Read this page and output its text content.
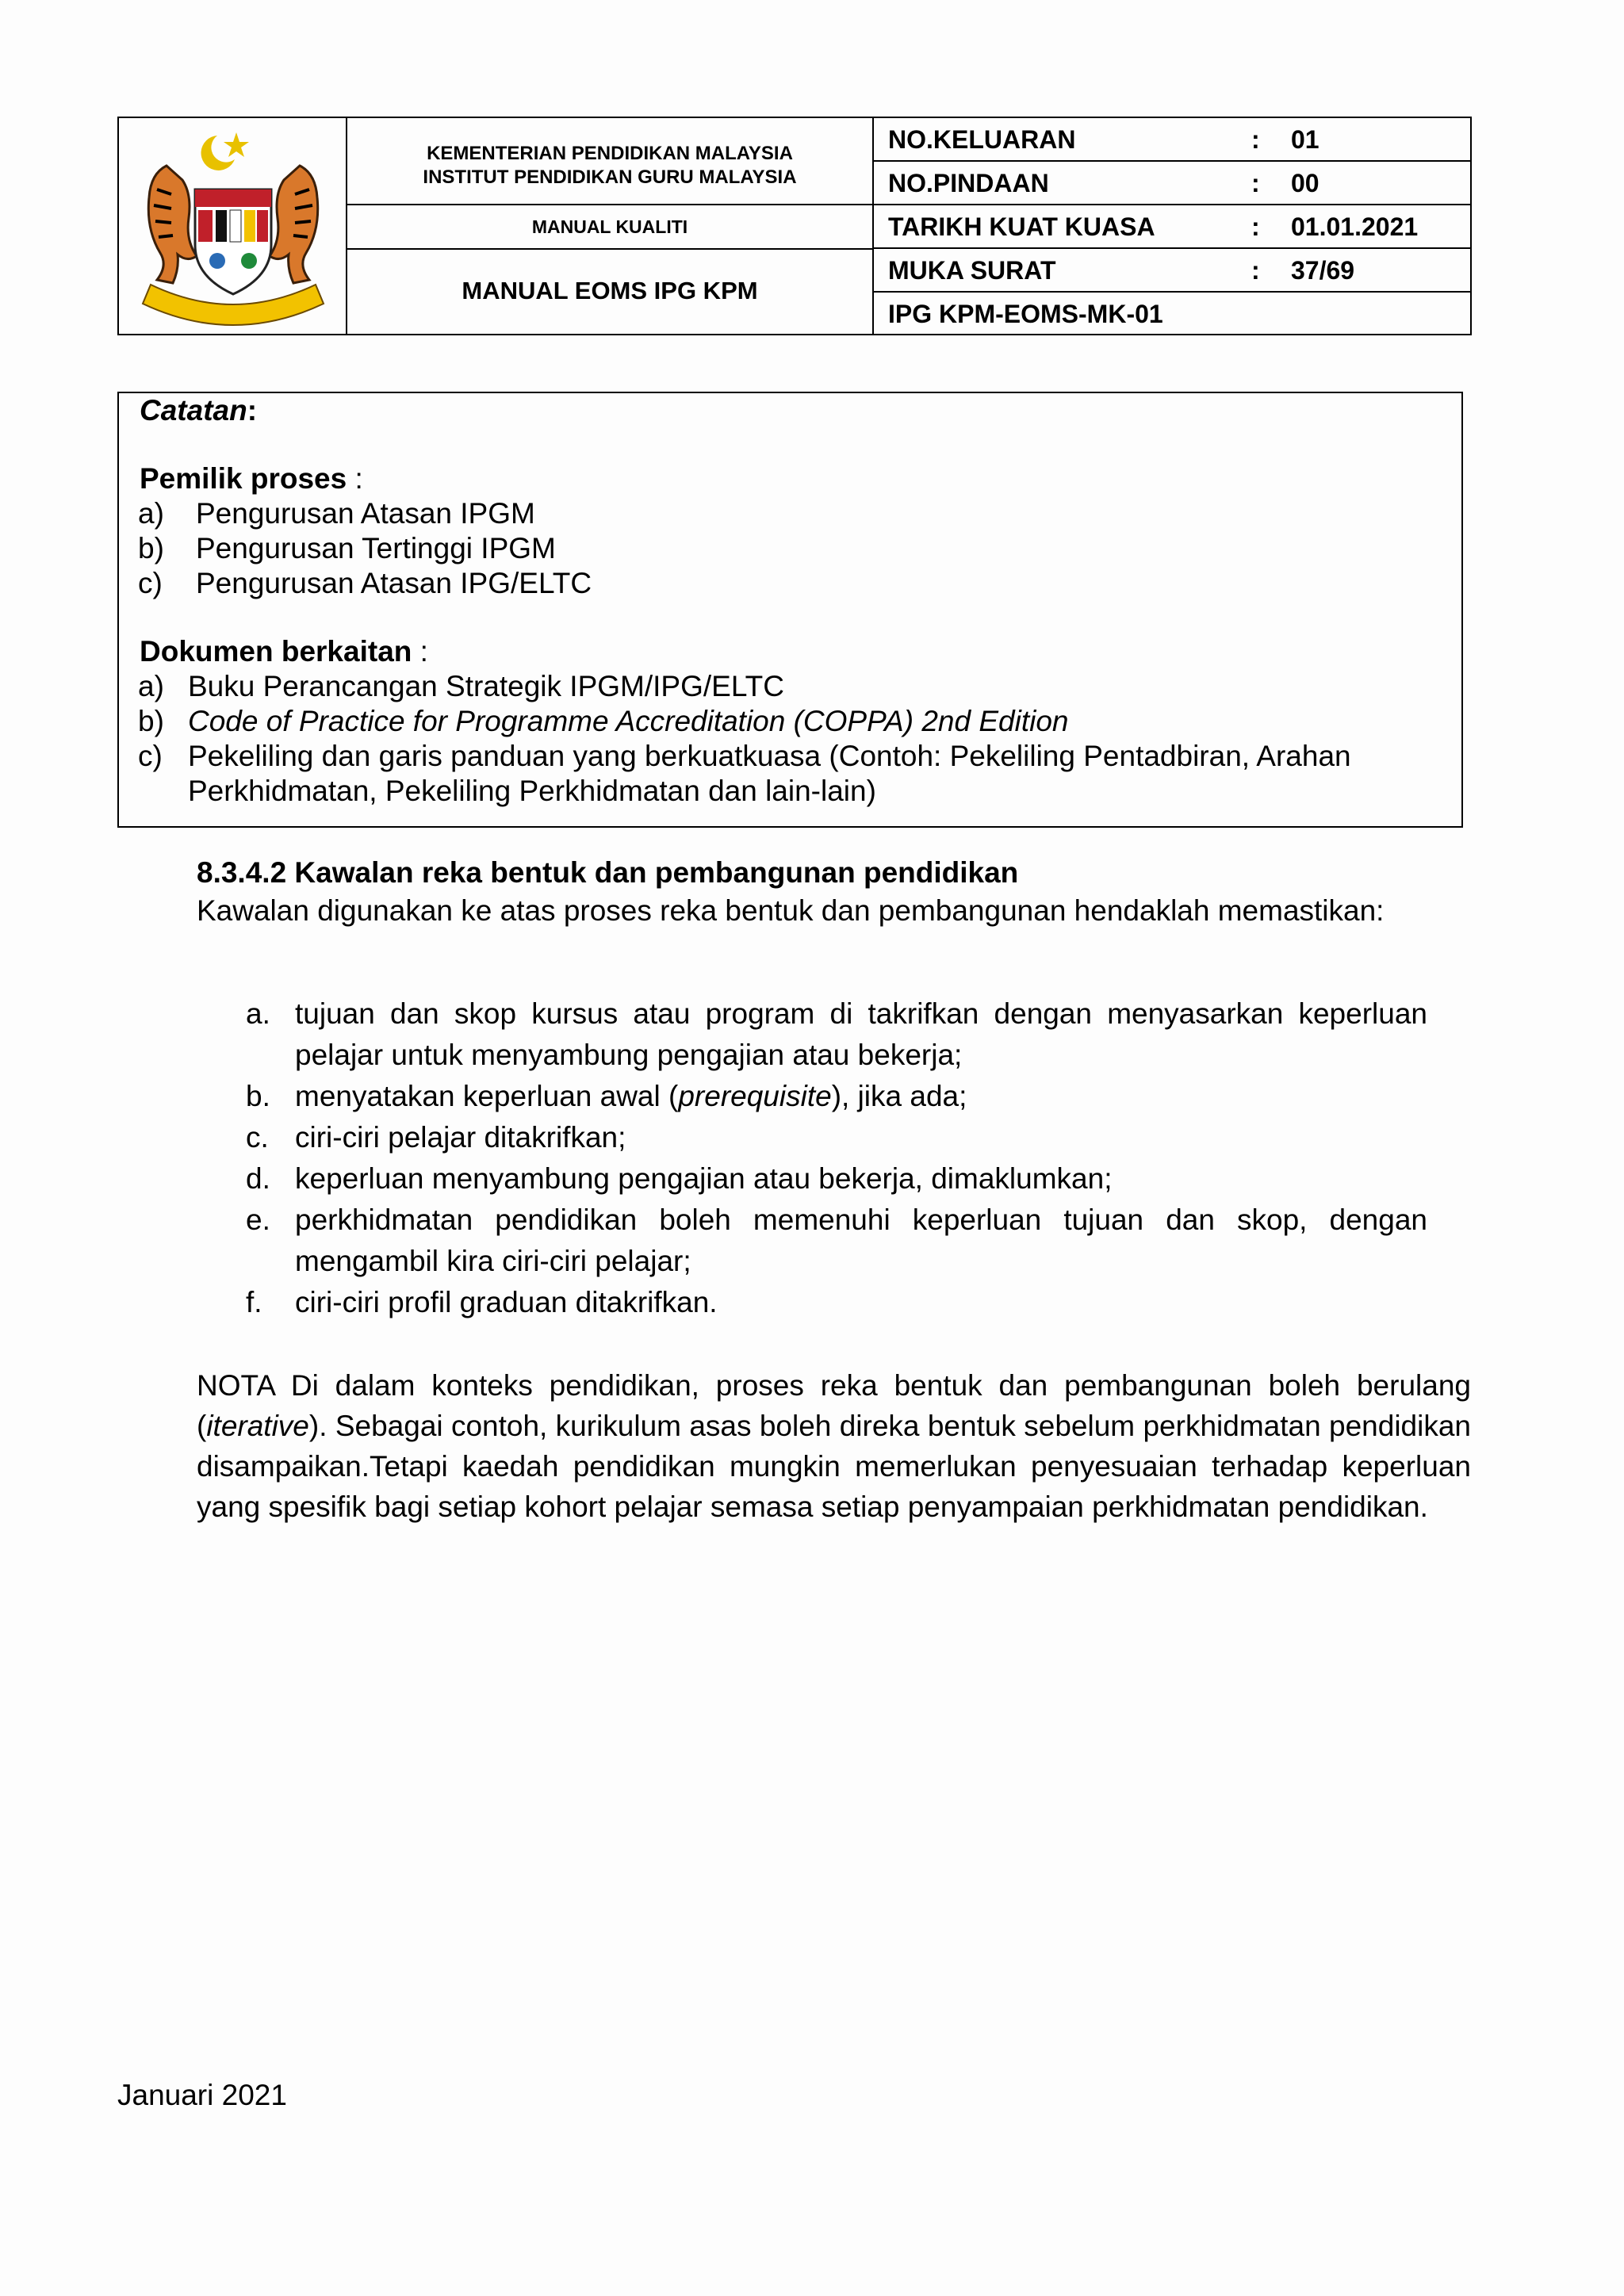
KEMENTERIAN PENDIDIKAN MALAYSIA
INSTITUT PENDIDIKAN GURU MALAYSIA
MANUAL KUALITI
MANUAL EOMS IPG KPM
NO.KELUARAN	: 01
NO.PINDAAN	: 00
TARIKH KUAT KUASA	: 01.01.2021
MUKA SURAT	: 37/69
IPG KPM-EOMS-MK-01
Catatan:
Pemilik proses :
a) Pengurusan Atasan IPGM
b) Pengurusan Tertinggi IPGM
c) Pengurusan Atasan IPG/ELTC
Dokumen berkaitan :
a) Buku Perancangan Strategik IPGM/IPG/ELTC
b) Code of Practice for Programme Accreditation (COPPA) 2nd Edition
c) Pekeliling dan garis panduan yang berkuatkuasa (Contoh: Pekeliling Pentadbiran, Arahan
Perkhidmatan, Pekeliling Perkhidmatan dan lain-lain)
8.3.4.2 Kawalan reka bentuk dan pembangunan pendidikan
Kawalan digunakan ke atas proses reka bentuk dan pembangunan hendaklah memastikan:
a. tujuan dan skop kursus atau program di takrifkan dengan menyasarkan keperluan pelajar untuk menyambung pengajian atau bekerja;
b. menyatakan keperluan awal (prerequisite), jika ada;
c. ciri-ciri pelajar ditakrifkan;
d. keperluan menyambung pengajian atau bekerja, dimaklumkan;
e. perkhidmatan pendidikan boleh memenuhi keperluan tujuan dan skop, dengan mengambil kira ciri-ciri pelajar;
f. ciri-ciri profil graduan ditakrifkan.
NOTA Di dalam konteks pendidikan, proses reka bentuk dan pembangunan boleh berulang (iterative). Sebagai contoh, kurikulum asas boleh direka bentuk sebelum perkhidmatan pendidikan disampaikan.Tetapi kaedah pendidikan mungkin memerlukan penyesuaian terhadap keperluan yang spesifik bagi setiap kohort pelajar semasa setiap penyampaian perkhidmatan pendidikan.
Januari 2021
